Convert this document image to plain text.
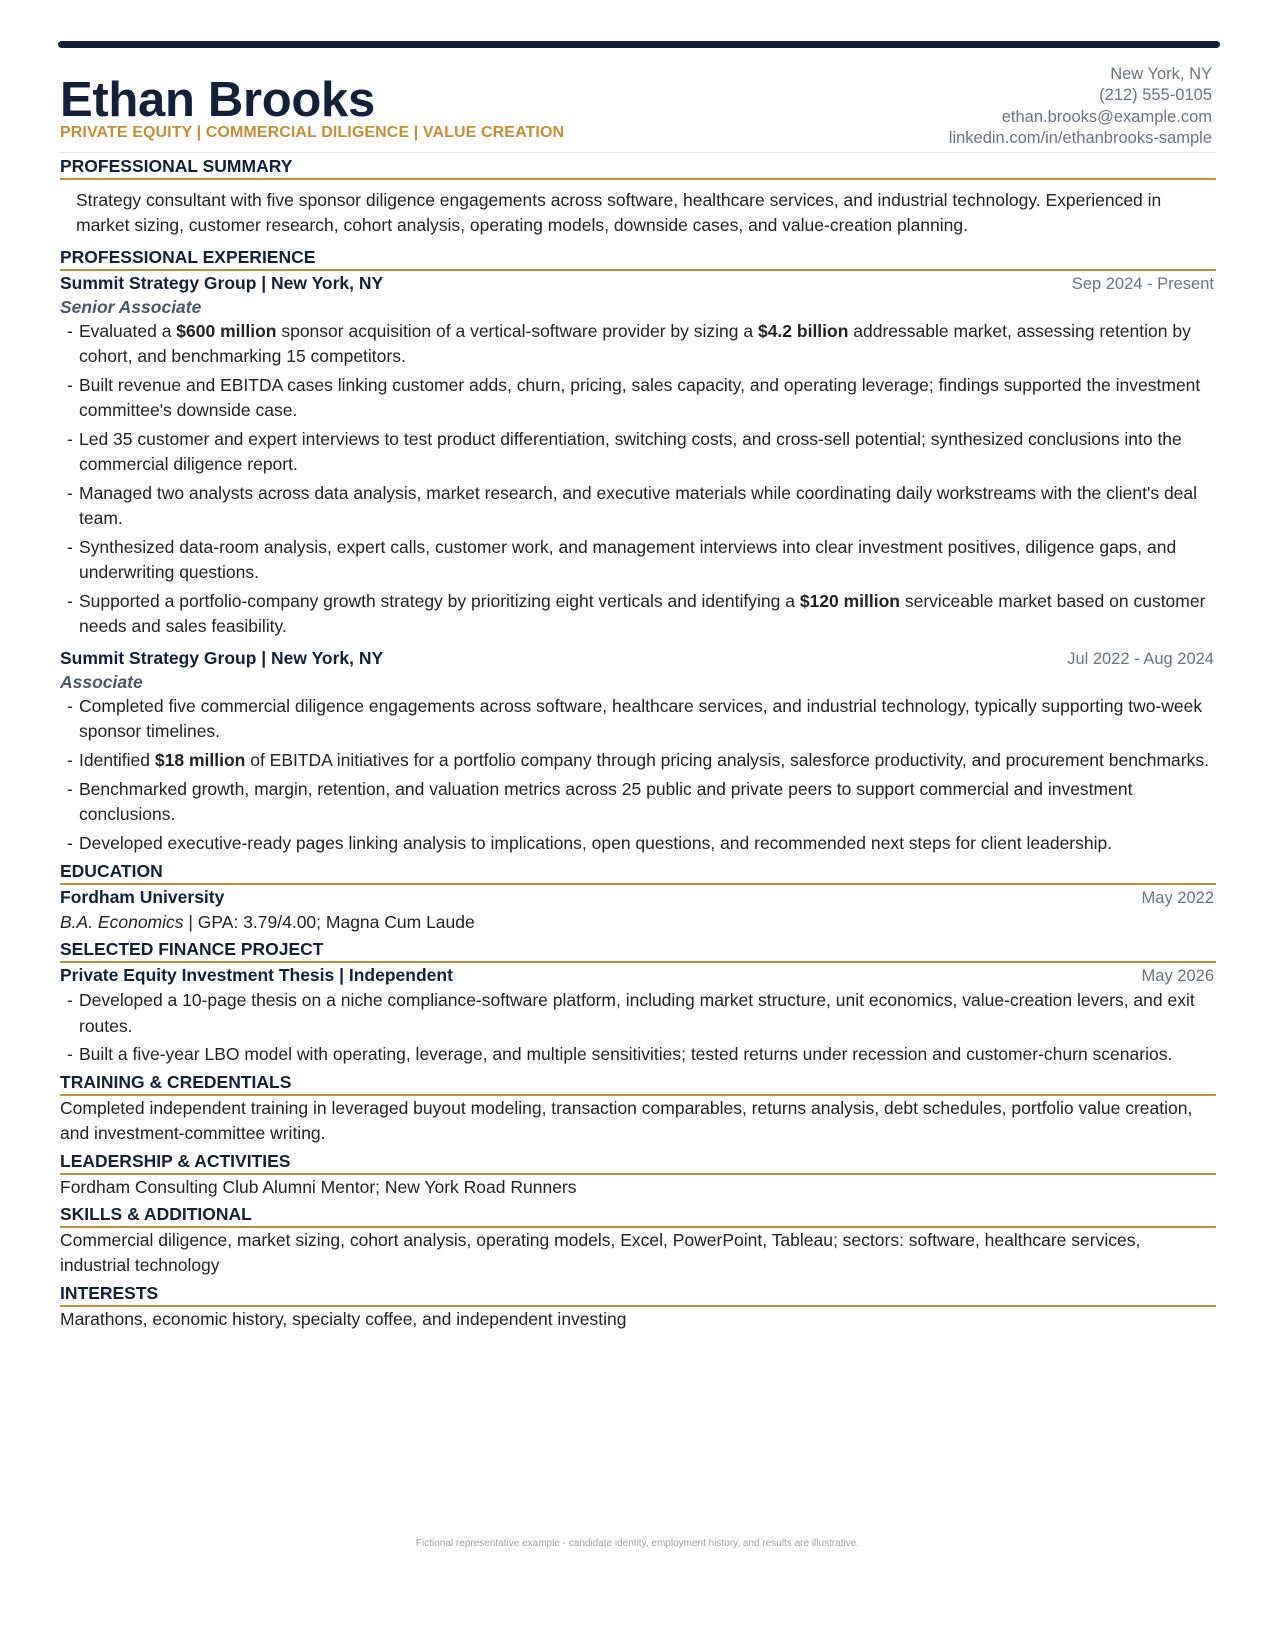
Ethan Brooks
PRIVATE EQUITY | COMMERCIAL DILIGENCE | VALUE CREATION
New York, NY
(212) 555-0105
ethan.brooks@example.com
linkedin.com/in/ethanbrooks-sample
PROFESSIONAL SUMMARY
Strategy consultant with five sponsor diligence engagements across software, healthcare services, and industrial technology. Experienced in market sizing, customer research, cohort analysis, operating models, downside cases, and value-creation planning.
PROFESSIONAL EXPERIENCE
Summit Strategy Group | New York, NY	Sep 2024 - Present
Senior Associate
- Evaluated a $600 million sponsor acquisition of a vertical-software provider by sizing a $4.2 billion addressable market, assessing retention by cohort, and benchmarking 15 competitors.
- Built revenue and EBITDA cases linking customer adds, churn, pricing, sales capacity, and operating leverage; findings supported the investment committee's downside case.
- Led 35 customer and expert interviews to test product differentiation, switching costs, and cross-sell potential; synthesized conclusions into the commercial diligence report.
- Managed two analysts across data analysis, market research, and executive materials while coordinating daily workstreams with the client's deal team.
- Synthesized data-room analysis, expert calls, customer work, and management interviews into clear investment positives, diligence gaps, and underwriting questions.
- Supported a portfolio-company growth strategy by prioritizing eight verticals and identifying a $120 million serviceable market based on customer needs and sales feasibility.
Summit Strategy Group | New York, NY	Jul 2022 - Aug 2024
Associate
- Completed five commercial diligence engagements across software, healthcare services, and industrial technology, typically supporting two-week sponsor timelines.
- Identified $18 million of EBITDA initiatives for a portfolio company through pricing analysis, salesforce productivity, and procurement benchmarks.
- Benchmarked growth, margin, retention, and valuation metrics across 25 public and private peers to support commercial and investment conclusions.
- Developed executive-ready pages linking analysis to implications, open questions, and recommended next steps for client leadership.
EDUCATION
Fordham University	May 2022
B.A. Economics | GPA: 3.79/4.00; Magna Cum Laude
SELECTED FINANCE PROJECT
Private Equity Investment Thesis | Independent	May 2026
- Developed a 10-page thesis on a niche compliance-software platform, including market structure, unit economics, value-creation levers, and exit routes.
- Built a five-year LBO model with operating, leverage, and multiple sensitivities; tested returns under recession and customer-churn scenarios.
TRAINING & CREDENTIALS
Completed independent training in leveraged buyout modeling, transaction comparables, returns analysis, debt schedules, portfolio value creation, and investment-committee writing.
LEADERSHIP & ACTIVITIES
Fordham Consulting Club Alumni Mentor; New York Road Runners
SKILLS & ADDITIONAL
Commercial diligence, market sizing, cohort analysis, operating models, Excel, PowerPoint, Tableau; sectors: software, healthcare services, industrial technology
INTERESTS
Marathons, economic history, specialty coffee, and independent investing
Fictional representative example - candidate identity, employment history, and results are illustrative.
